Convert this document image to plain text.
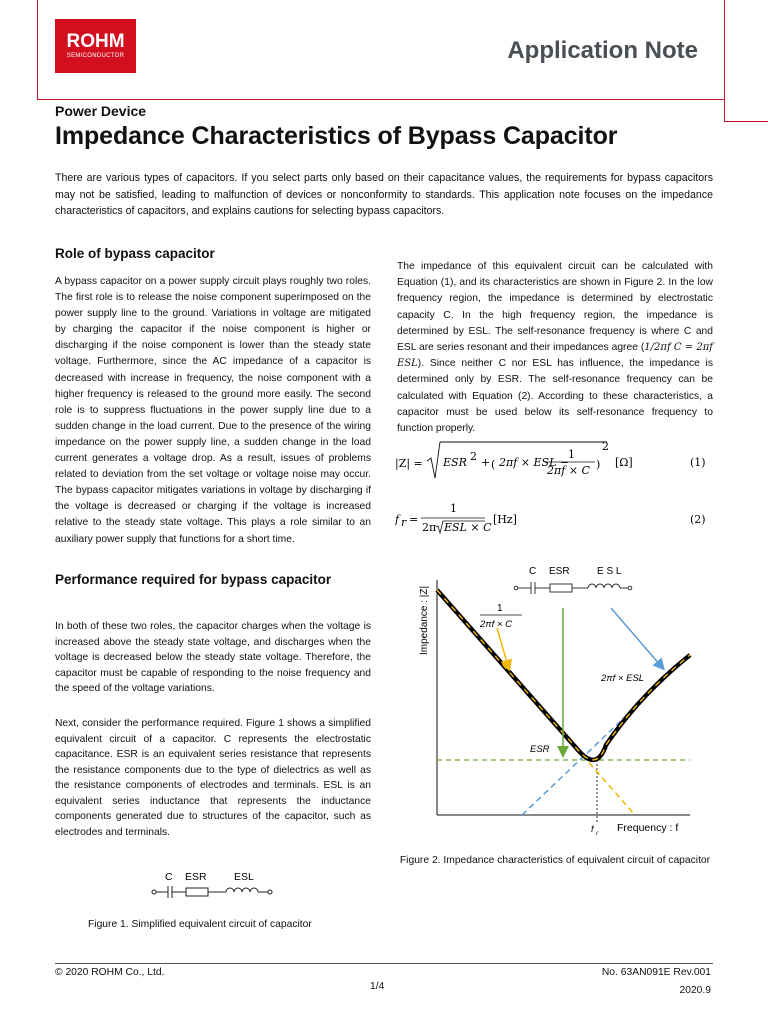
ROHM
SEMICONDUCTOR	Application Note
Power Device
Impedance Characteristics of Bypass Capacitor
There are various types of capacitors. If you select parts only based on their capacitance values, the requirements for bypass capacitors may not be satisfied, leading to malfunction of devices or nonconformity to standards. This application note focuses on the impedance characteristics of capacitors, and explains cautions for selecting bypass capacitors.
Role of bypass capacitor
A bypass capacitor on a power supply circuit plays roughly two roles. The first role is to release the noise component superimposed on the power supply line to the ground. Variations in voltage are mitigated by charging the capacitor if the noise component is higher or discharging if the noise component is lower than the steady state voltage. Furthermore, since the AC impedance of a capacitor is decreased with increase in frequency, the noise component with a higher frequency is released to the ground more easily. The second role is to suppress fluctuations in the power supply line due to a sudden change in the load current. Due to the presence of the wiring impedance on the power supply line, a sudden change in the load current generates a voltage drop. As a result, issues of problems related to deviation from the set voltage or voltage noise may occur. The bypass capacitor mitigates variations in voltage by discharging if the voltage is decreased or charging if the voltage is increased relative to the steady state voltage. This plays a role similar to an auxiliary power supply that functions for a short time.
Performance required for bypass capacitor
In both of these two roles, the capacitor charges when the voltage is increased above the steady state voltage, and discharges when the voltage is decreased below the steady state voltage. Therefore, the capacitor must be capable of responding to the noise frequency and the speed of the voltage variations.
Next, consider the performance required. Figure 1 shows a simplified equivalent circuit of a capacitor. C represents the electrostatic capacitance. ESR is an equivalent series resistance that represents the resistance components due to the type of dielectrics as well as the resistance components of electrodes and terminals. ESL is an equivalent series inductance that represents the inductance components generated due to structures of the capacitor, such as electrodes and terminals.
C ESR	ESL
Figure 1. Simplified equivalent circuit of capacitor
The impedance of this equivalent circuit can be calculated with Equation (1), and its characteristics are shown in Figure 2. In the low frequency region, the impedance is determined by electrostatic capacity C. In the high frequency region, the impedance is determined by ESL. The self-resonance frequency is where C and ESL are series resonant and their impedances agree (1/2πf C = 2πf ESL). Since neither C nor ESL has influence, the impedance is determined only by ESR. The self-resonance frequency can be calculated with Equation (2). According to these characteristics, a capacitor must be used below its self-resonance frequency to function properly.
|Z| = ESR 2 + ( 2πf × ESL −
1
2πf × C )
2
[Ω]	(1)
f r =
1
2π ESL × C
[Hz]	(2)
C ESR	E S L
Impedance : |Z|
Frequency : f
1
2πf × C
2πf × ESL
ESR
f r
Figure 2. Impedance characteristics of equivalent circuit of capacitor
© 2020 ROHM Co., Ltd.
1/4
No. 63AN091E Rev.001
2020.9
